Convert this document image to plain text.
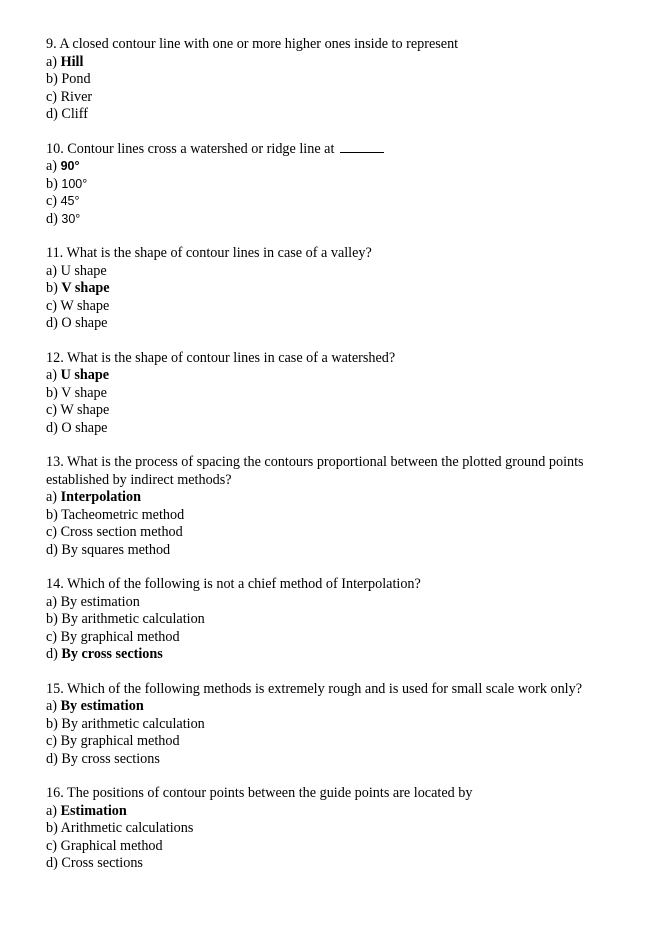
9. A closed contour line with one or more higher ones inside to represent

a) Hill

b) Pond

c) River

d) Cliff

10. Contour lines cross a watershed or ridge line at

a) 90°

b) 100°

c) 45°

d) 30°

11. What is the shape of contour lines in case of a valley?

a) U shape

b) V shape

c) W shape

d) O shape

12. What is the shape of contour lines in case of a watershed?

a) U shape

b) V shape

c) W shape

d) O shape

13. What is the process of spacing the contours proportional between the plotted ground points established by indirect methods?

a) Interpolation

b) Tacheometric method

c) Cross section method

d) By squares method

14. Which of the following is not a chief method of Interpolation?

a) By estimation

b) By arithmetic calculation

c) By graphical method

d) By cross sections

15. Which of the following methods is extremely rough and is used for small scale work only?

a) By estimation

b) By arithmetic calculation

c) By graphical method

d) By cross sections

16. The positions of contour points between the guide points are located by

a) Estimation

b) Arithmetic calculations

c) Graphical method

d) Cross sections
